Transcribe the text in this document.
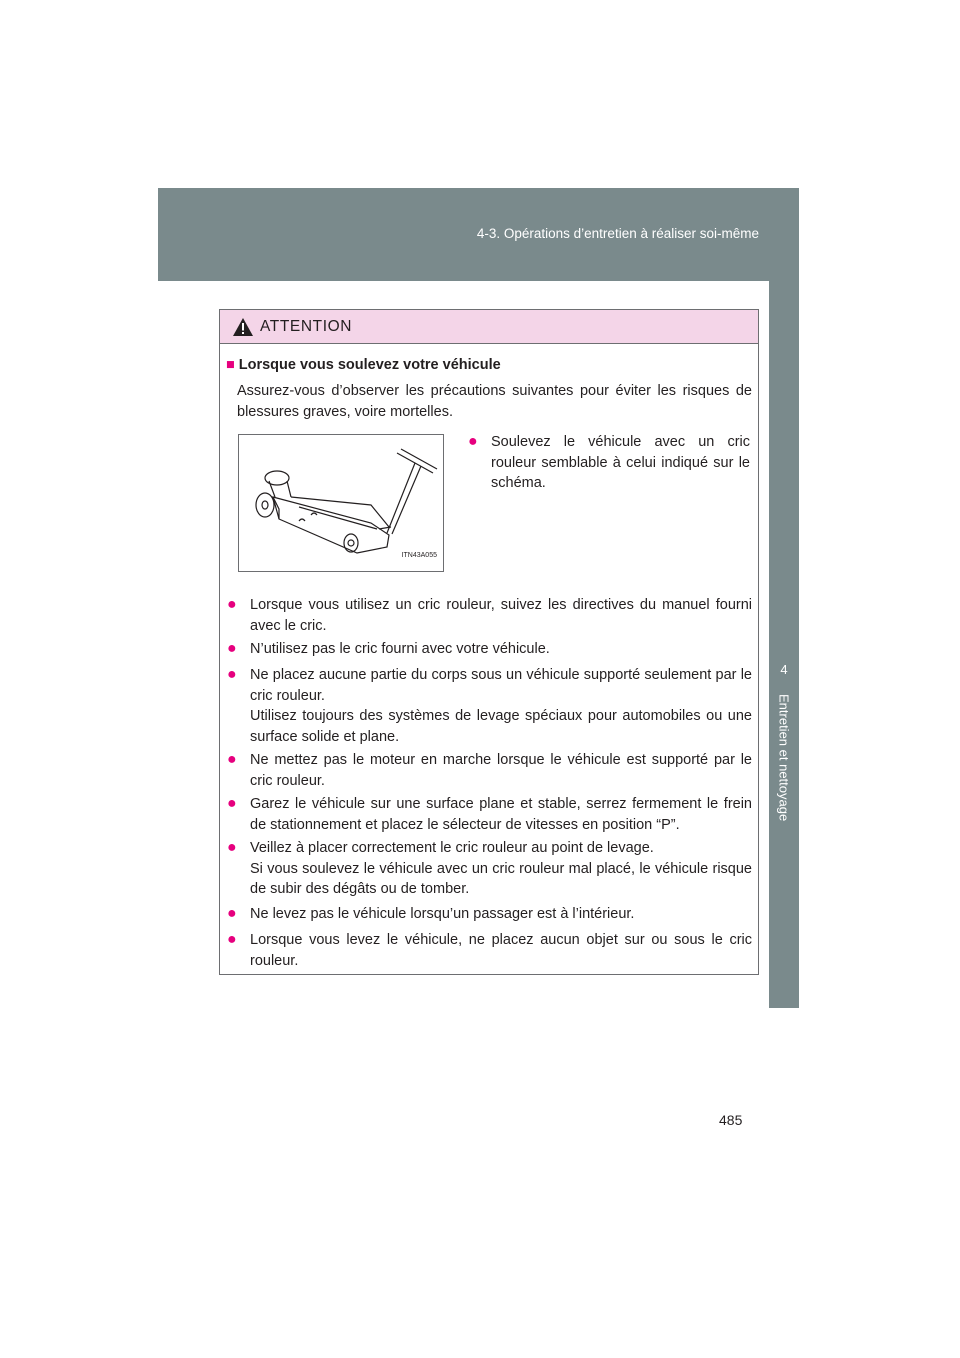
4-3. Opérations d’entretien à réaliser soi-même
4
Entretien et nettoyage
ATTENTION
■ Lorsque vous soulevez votre véhicule
Assurez-vous d’observer les précautions suivantes pour éviter les risques de blessures graves, voire mortelles.
ITN43A055
● Soulevez le véhicule avec un cric rouleur semblable à celui indiqué sur le schéma.
● Lorsque vous utilisez un cric rouleur, suivez les directives du manuel fourni avec le cric.
● N’utilisez pas le cric fourni avec votre véhicule.
● Ne placez aucune partie du corps sous un véhicule supporté seulement par le cric rouleur.
Utilisez toujours des systèmes de levage spéciaux pour automobiles ou une surface solide et plane.
● Ne mettez pas le moteur en marche lorsque le véhicule est supporté par le cric rouleur.
● Garez le véhicule sur une surface plane et stable, serrez fermement le frein de stationnement et placez le sélecteur de vitesses en position “P”.
● Veillez à placer correctement le cric rouleur au point de levage.
Si vous soulevez le véhicule avec un cric rouleur mal placé, le véhicule risque de subir des dégâts ou de tomber.
● Ne levez pas le véhicule lorsqu’un passager est à l’intérieur.
● Lorsque vous levez le véhicule, ne placez aucun objet sur ou sous le cric rouleur.
485
